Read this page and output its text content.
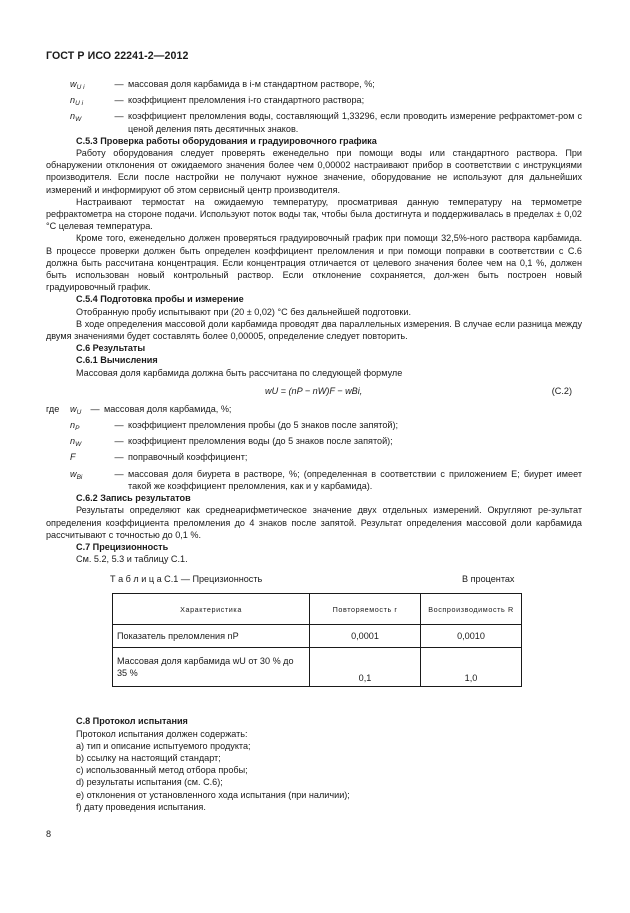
ГОСТ Р ИСО 22241-2—2012
$w_{U i}$	— массовая доля карбамида в i-м стандартном растворе, %;
$n_{U i}$	— коэффициент преломления i-го стандартного раствора;
$n_W$	— коэффициент преломления воды, составляющий 1,33296, если проводить измерение рефрактомет-ром с ценой деления пять десятичных знаков.

С.5.3 Проверка работы оборудования и градуировочного графика

Работу оборудования следует проверять еженедельно при помощи воды или стандартного раствора. При обнаружении отклонения от ожидаемого значения более чем 0,00002 настраивают прибор в соответствии с инструкциями производителя. Если после настройки не получают нужное значение, оборудование не используют для дальнейших измерений и информируют об этом сервисный центр производителя.

Настраивают термостат на ожидаемую температуру, просматривая данную температуру на термометре рефрактометра на стороне подачи. Используют поток воды так, чтобы была достигнута и поддерживалась в пределах ± 0,02 °С целевая температура.

Кроме того, еженедельно должен проверяться градуировочный график при помощи 32,5%-ного раствора карбамида. В процессе проверки должен быть определен коэффициент преломления и при помощи поправки в соответствии с С.6 должна быть рассчитана концентрация. Если концентрация отличается от целевого значения более чем на 0,1 %, должен быть использован новый контрольный раствор. Если отклонение сохраняется, дол-жен быть построен новый градуировочный график.

С.5.4 Подготовка пробы и измерение

Отобранную пробу испытывают при (20 ± 0,02) °С без дальнейшей подготовки.

В ходе определения массовой доли карбамида проводят два параллельных измерения. В случае если разница между двумя значениями будет составлять более 0,00005, определение следует повторить.

С.6 Результаты

С.6.1 Вычисления

Массовая доля карбамида должна быть рассчитана по следующей формуле

wU = (nP − nW)F − wBi,	(С.2)
где	$w_U$	— массовая доля карбамида, %;
$n_P$	— коэффициент преломления пробы (до 5 знаков после запятой);
$n_W$	— коэффициент преломления воды (до 5 знаков после запятой);
F	— поправочный коэффициент;
$w_{Bi}$	— массовая доля биурета в растворе, %; (определенная в соответствии с приложением Е; биурет имеет такой же коэффициент преломления, как и у карбамида).

С.6.2 Запись результатов

Результаты определяют как среднеарифметическое значение двух отдельных измерений. Округляют ре-зультат определения коэффициента преломления до 4 знаков после запятой. Результат определения массовой доли карбамида рассчитывают с точностью до 0,1 %.

С.7 Прецизионность

См. 5.2, 5.3 и таблицу С.1.

Т а б л и ц а С.1 — Прецизионность	В процентах
Характеристика	Повторяемость r	Воспроизводимость R
Показатель преломления nP	0,0001	0,0010
Массовая доля карбамида wU от 30 % до 35 %	0,1	1,0

С.8 Протокол испытания

Протокол испытания должен содержать:

а) тип и описание испытуемого продукта;

b) ссылку на настоящий стандарт;

с) использованный метод отбора пробы;

d) результаты испытания (см. С.6);

е) отклонения от установленного хода испытания (при наличии);

f) дату проведения испытания.

8
